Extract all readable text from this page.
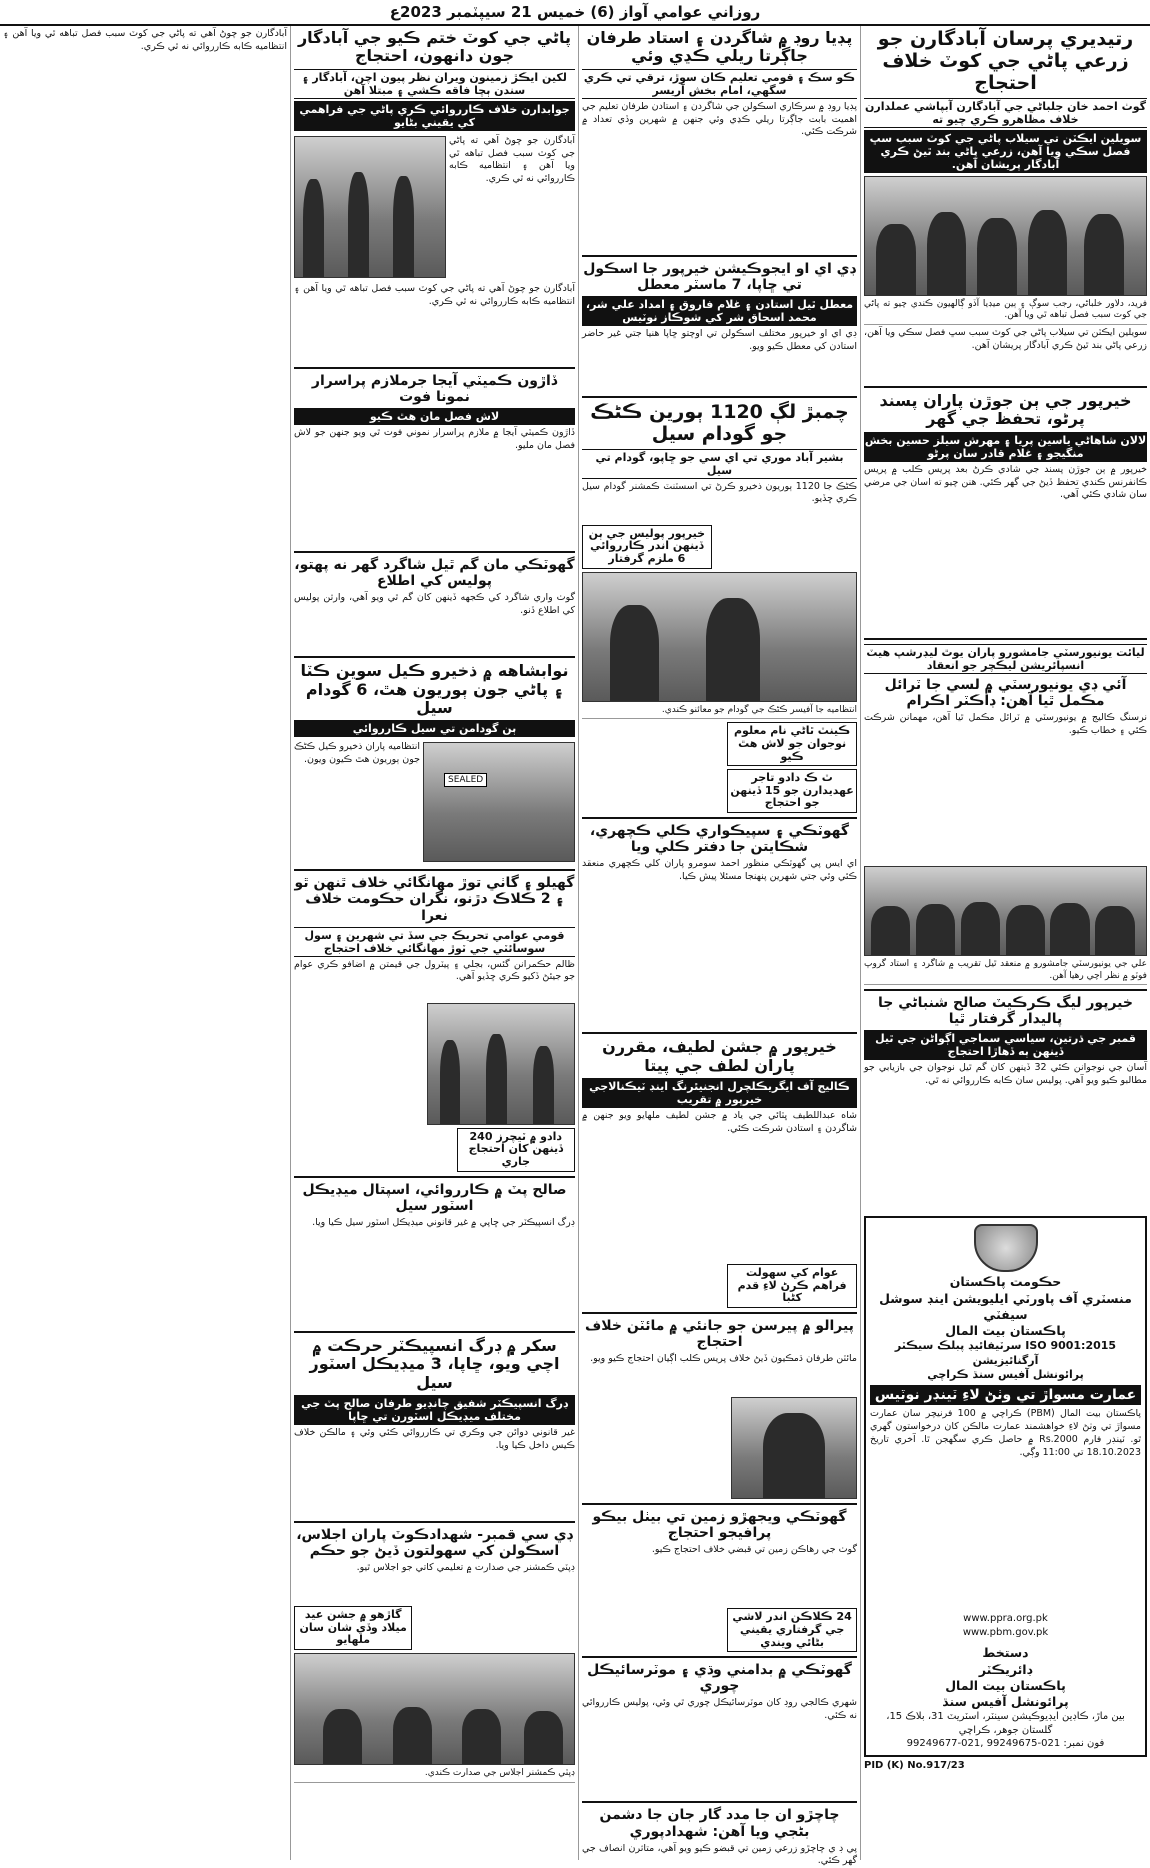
روزاني عوامي آواز (6) خميس 21 سيپٽمبر 2023ع
رتيديري پرسان آبادگارن جو زرعي پاڻي جي کوٽ خلاف احتجاج
گوٺ احمد خان جلباڻي جي آبادگارن آبپاشي عملدارن خلاف مظاهرو ڪري چيو ته
سويلين ايڪٽن تي سيلاب پاڻي جي کوٽ سبب سڀ فصل سڪي ويا آهن، زرعي پاڻي بند ٿيڻ ڪري آبادگار پريشان آهن.
فريد، دلاور خلباڻي، رجب سوڳ ۽ ٻين ميڊيا آڏو ڳالهيون ڪندي چيو ته پاڻي جي کوٽ سبب فصل تباهه ٿي ويا آهن.
سويلين ايڪٽن تي سيلاب پاڻي جي کوٽ سبب سڀ فصل سڪي ويا آهن، زرعي پاڻي بند ٿيڻ ڪري آبادگار پريشان آهن.
خيرپور جي ٻن جوڙن پاران پسند پرڻو، تحفظ جي گهر
لالان شاهاڻي ياسين پريا ۽ مهرش سيلز حسين بخش منگيجو ۽ غلام قادر سان پرڻو
خيرپور ۾ ٻن جوڙن پسند جي شادي ڪرڻ بعد پريس ڪلب ۾ پريس ڪانفرنس ڪندي تحفظ ڏيڻ جي گهر ڪئي. هنن چيو ته اسان جي مرضي سان شادي ڪئي آهي.
ليائت يونيورسٽي جامشورو پاران يوٿ ليڊرشپ هيٽ انسپائريشن ليڪچر جو انعقاد
آئي ڊي يونيورسٽي ۾ لسي جا ٽرائل مڪمل ٿيا آهن: ڊاڪٽر اڪرام
نرسنگ ڪاليج ۾ يونيورسٽي ۾ ٽرائل مڪمل ٿيا آهن، مهمانن شرڪت ڪئي ۽ خطاب ڪيو.
علي جي يونيورسٽي جامشورو ۾ منعقد ٿيل تقريب ۾ شاگرد ۽ استاد گروپ فوٽو ۾ نظر اچي رهيا آهن.
خيرپور ليگ ڪرڪيٽ صالح شنباڻي جا پاليدار گرفتار ٿيا
قمبر جي ڌرتين، سياسي سماجي اڳواڻن جي ٿيل ڏينهن ٻه ڏهاڙا احتجاج
آسان جي نوجوانن ڪئي 32 ڏينهن کان گم ٿيل نوجوان جي بازيابي جو مطالبو ڪيو ويو آهي. پوليس سان ڪابه ڪارروائي نه ٿي.
حڪومت پاڪستان
منسٽري آف پاورٽي ايليويشن اينڊ سوشل سيفٽي
پاڪستان بيت المال
ISO 9001:2015 سرٽيفائيڊ پبلڪ سيڪٽر آرگنائيزيشن
پرائونشل آفيس سنڌ ڪراچي
عمارت مسواڙ تي وٺڻ لاءِ ٽينڊر نوٽيس
پاڪستان بيت المال (PBM) ڪراچي ۾ 100 فرنيچر سان عمارت مسواڙ تي وٺڻ لاءِ خواهشمند عمارت مالڪن کان درخواستون گهري ٿو. ٽينڊر فارم Rs.2000 ۾ حاصل ڪري سگهجن ٿا. آخري تاريخ 18.10.2023 تي 11:00 وڳي.
www.ppra.org.pk
www.pbm.gov.pk
دستخط
ڊائريڪٽر
پاڪستان بيت المال
پرائونشل آفيس سنڌ
بين ماڙ، ڪاڊين ايڊيوڪيشن سينٽر، اسٽريٽ 31، بلاڪ 15، گلستان جوهر، ڪراچي
فون نمبر: 021-99249675 ,021-99249677
PID (K) No.917/23
پڊيا روڊ ۾ شاگردن ۽ استاد طرفان جاڳرتا ريلي ڪڍي وئي
ڪو سڪ ۽ قومي تعليم ڪان سوڙ، ترقي تي ڪري سگهي، امام بخش آريسر
پڊيا روڊ ۾ سرڪاري اسڪولن جي شاگردن ۽ استادن طرفان تعليم جي اهميت بابت جاڳرتا ريلي ڪڍي وئي جنهن ۾ شهرين وڏي تعداد ۾ شرڪت ڪئي.
ڊي اي او ايجوڪيشن خيرپور جا اسڪول تي ڇاپا، 7 ماسٽر معطل
معطل ٿيل استادن ۽ غلام فاروق ۽ امداد علي شر، محمد اسحاق شر کي شوڪاز نوٽيس
ڊي اي او خيرپور مختلف اسڪولن تي اوچتو ڇاپا هنيا جتي غير حاضر استادن کي معطل ڪيو ويو.
چمبڙ لڳ 1120 ٻورين ڪڻڪ جو گودام سيل
بشير آباد موري تي اي سي جو ڇاپو، گودام تي سيل
ڪڻڪ جا 1120 ٻوريون ذخيرو ڪرڻ تي اسسٽنٽ ڪمشنر گودام سيل ڪري ڇڏيو.
خيرپور پوليس جي ٻن ڏينهن اندر ڪارروائي 6 ملزم گرفتار
انتظاميه جا آفيسر ڪڻڪ جي گودام جو معائنو ڪندي.
ڪينٽ ٿاڻي نام معلوم نوجوان جو لاش هٿ ڪيو
ٽ ڪ دادو تاجر عهديدارن جو 15 ڏينهن جو احتجاج
گهوٽڪي ۽ سپيڪواري ڪلي ڪچهري، شڪايتن جا دفتر ڪلي ويا
اي ايس پي گهوٽڪي منظور احمد سومرو پاران کلي ڪچهري منعقد ڪئي وئي جتي شهرين پنهنجا مسئلا پيش ڪيا.
خيرپور ۾ جشن لطيف، مقررن پاران لطف جي پيتا
ڪاليج آف ايگريڪلچرل انجنيئرنگ اينڊ ٽيڪنالاجي خيرپور ۾ تقريب
شاه عبداللطيف ڀٽائي جي ياد ۾ جشن لطيف ملهايو ويو جنهن ۾ شاگردن ۽ استادن شرڪت ڪئي.
عوام کي سهولت فراهم ڪرڻ لاءِ قدم کڻبا
پيرالو ۾ پيرسن جو جانئي ۾ مائٽن خلاف احتجاج
مائٽن طرفان ڌمڪيون ڏيڻ خلاف پريس ڪلب اڳيان احتجاج ڪيو ويو.
گهوٽڪي ويجهڙو زمين تي بيٺل بيڪو پرافيجو احتجاج
گوٺ جي رهاڪن زمين تي قبضي خلاف احتجاج ڪيو.
24 ڪلاڪن اندر لاشي جي گرفتاري يقيني بڻائي ويندي
گهوٽڪي ۾ بدامني وڌي ۽ موٽرسائيڪل چوري
شهري ڪالجي روڊ کان موٽرسائيڪل چوري ٿي وئي، پوليس ڪارروائي نه ڪئي.
چاچڙو ان جا مدد گار جان جا دشمن بڻجي ويا آهن: شهدادپوري
پي ڊ ي چاچڙو زرعي زمين تي قبضو ڪيو ويو آهي، متاثرن انصاف جي گهر ڪئي.
پاڻي جي کوٽ ختم ڪيو جي آبادگار جون دانهون، احتجاج
لکين ايڪڙ زمينون ويران نظر پيون اچن، آبادگار ۽ سندن ٻچا فاقه ڪشي ۽ مبتلا آهن
جوابدارن خلاف ڪارروائي ڪري پاڻي جي فراهمي کي يقيني بڻايو
آبادگارن جو چوڻ آهي ته پاڻي جي کوٽ سبب فصل تباهه ٿي ويا آهن ۽ انتظاميه ڪابه ڪارروائي نه ٿي ڪري.
آبادگارن جو چوڻ آهي ته پاڻي جي کوٽ سبب فصل تباهه ٿي ويا آهن ۽ انتظاميه ڪابه ڪارروائي نه ٿي ڪري.
ڏاڙون ڪميٽي آيجا جرملازم پراسرار نمونا فوت
لاش فصل مان هٿ ڪيو
ڏاڙون ڪميٽي آيجا ۾ ملازم پراسرار نموني فوت ٿي ويو جنهن جو لاش فصل مان مليو.
گهوٽڪي مان گم ٿيل شاگرد گهر نه پهتو، پوليس کي اطلاع
گوٺ واري شاگرد کي ڪجهه ڏينهن کان گم ٿي ويو آهي، وارثن پوليس کي اطلاع ڏنو.
نوابشاهه ۾ ذخيرو ڪيل سوين ڪٽا ۽ پاڻي جون ٻوريون هٿ، 6 گودام سيل
ٻن گودامن تي سيل ڪارروائي
SEALED
انتظاميه پاران ذخيرو ڪيل ڪڻڪ جون ٻوريون هٿ ڪيون ويون.
گهيلو ۽ گاٺي توڙ مهانگائي خلاف ٿنهن ٿو ۽ 2 ڪلاڪ دڙنو، نگران حڪومت خلاف نعرا
قومي عوامي تحريڪ جي سڏ تي شهرين ۽ سول سوسائٽي جي ٽوڙ مهانگائي خلاف احتجاج
ظالم حڪمرانن گئس، بجلي ۽ پيٽرول جي قيمتن ۾ اضافو ڪري عوام جو جيئڻ ڏکيو ڪري ڇڏيو آهي.
دادو ۾ ٽيچرز 240 ڏينهن کان احتجاج جاري
صالح پٽ ۾ ڪارروائي، اسپتال ميڊيڪل اسٽور سيل
ڊرگ انسپيڪٽر جي ڇاپي ۾ غير قانوني ميڊيڪل اسٽور سيل ڪيا ويا.
سکر ۾ ڊرگ انسپيڪٽر حرڪت ۾ اچي ويو، ڇاپا، 3 ميڊيڪل اسٽور سيل
ڊرگ انسپيڪٽر شفيق چانڊيو طرفان صالح پٽ جي مختلف ميڊيڪل اسٽورن تي ڇاپا
غير قانوني دوائن جي وڪري تي ڪارروائي ڪئي وئي ۽ مالڪن خلاف ڪيس داخل ڪيا ويا.
ڊي سي قمبر- شهدادڪوٽ پاران اجلاس، اسڪولن کي سهولتون ڏيڻ جو حڪم
ڊپٽي ڪمشنر جي صدارت ۾ تعليمي کاتي جو اجلاس ٿيو.
گاڙهو ۾ جشن عيد ميلاد وڏي شان سان ملهايو
ڊپٽي ڪمشنر اجلاس جي صدارت ڪندي.
آبادگارن جو چوڻ آهي ته پاڻي جي کوٽ سبب فصل تباهه ٿي ويا آهن ۽ انتظاميه ڪابه ڪارروائي نه ٿي ڪري.
